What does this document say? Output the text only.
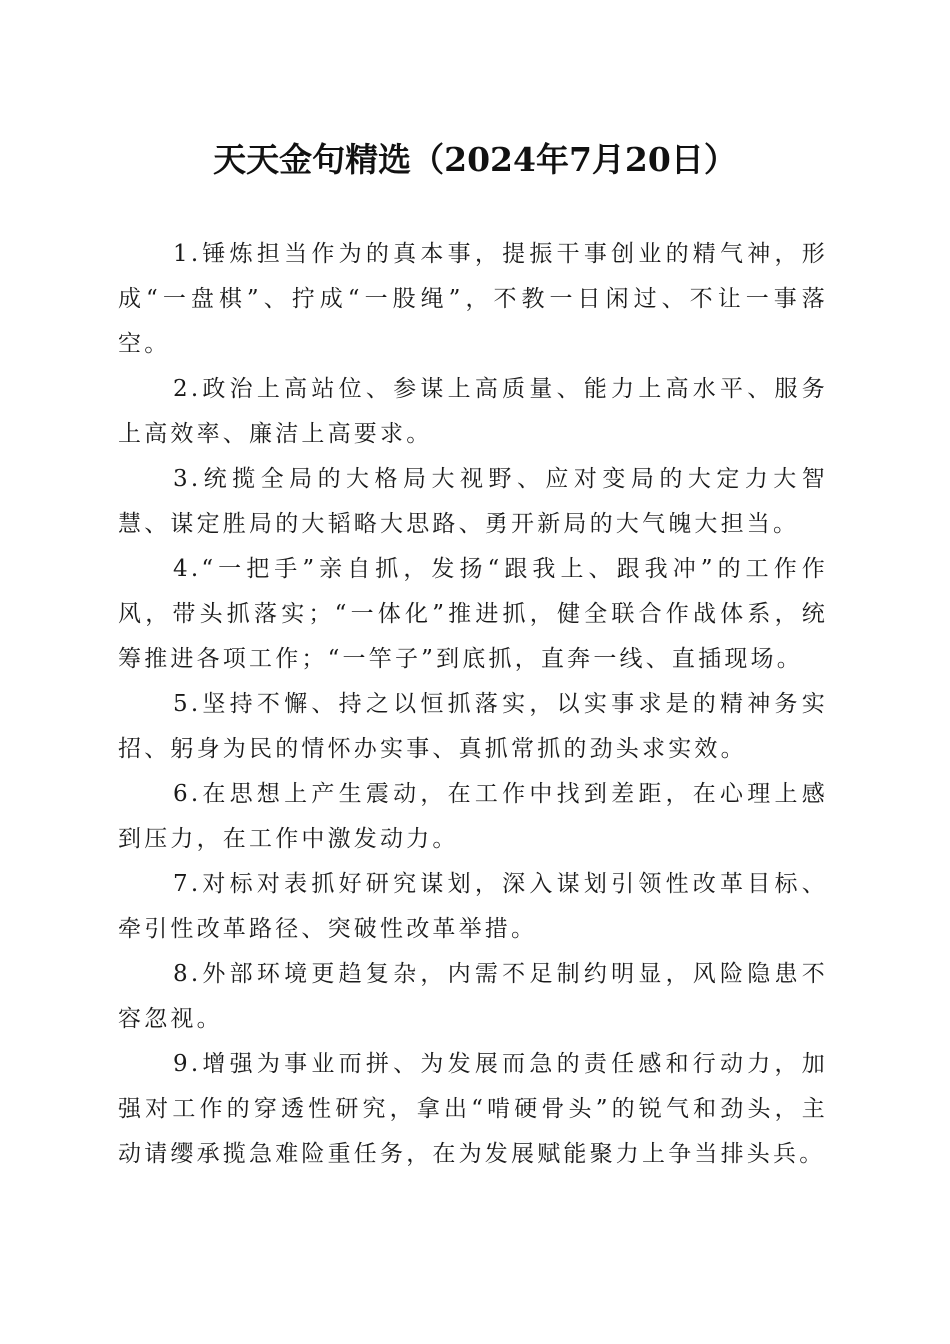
天天金句精选（2024年7月20日）

1.锤炼担当作为的真本事，提振干事创业的精气神，形成“一盘棋”、拧成“一股绳”，不教一日闲过、不让一事落空。

2.政治上高站位、参谋上高质量、能力上高水平、服务上高效率、廉洁上高要求。

3.统揽全局的大格局大视野、应对变局的大定力大智慧、谋定胜局的大韬略大思路、勇开新局的大气魄大担当。

4.“一把手”亲自抓，发扬“跟我上、跟我冲”的工作作风，带头抓落实；“一体化”推进抓，健全联合作战体系，统筹推进各项工作；“一竿子”到底抓，直奔一线、直插现场。

5.坚持不懈、持之以恒抓落实，以实事求是的精神务实招、躬身为民的情怀办实事、真抓常抓的劲头求实效。

6.在思想上产生震动，在工作中找到差距，在心理上感到压力，在工作中激发动力。

7.对标对表抓好研究谋划，深入谋划引领性改革目标、牵引性改革路径、突破性改革举措。

8.外部环境更趋复杂，内需不足制约明显，风险隐患不容忽视。

9.增强为事业而拼、为发展而急的责任感和行动力，加强对工作的穿透性研究，拿出“啃硬骨头”的锐气和劲头，主动请缨承揽急难险重任务，在为发展赋能聚力上争当排头兵。
